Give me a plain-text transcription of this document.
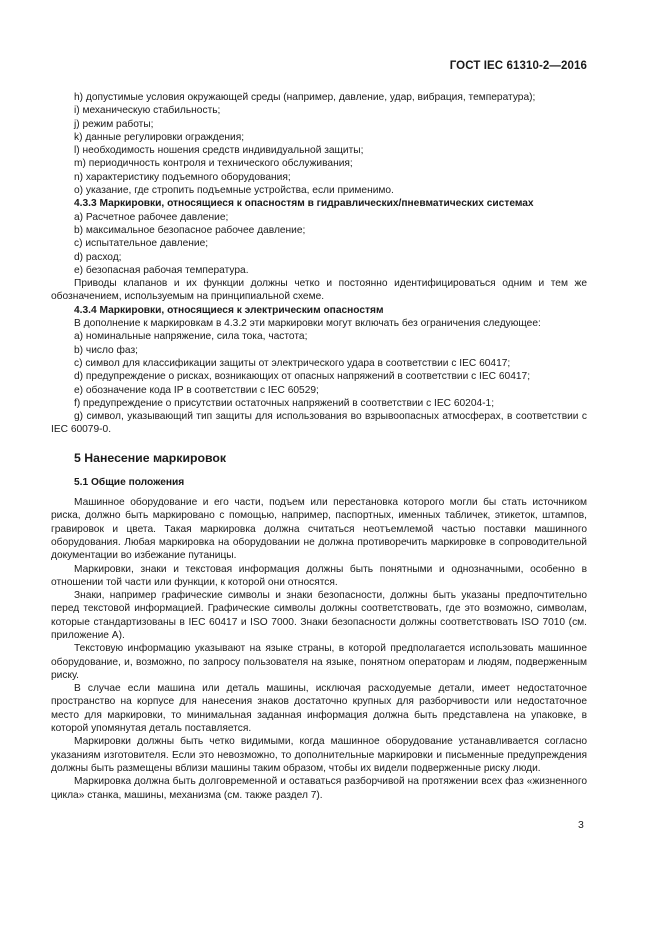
ГОСТ IEC 61310-2—2016

h) допустимые условия окружающей среды (например, давление, удар, вибрация, температура);

i) механическую стабильность;

j) режим работы;

k) данные регулировки ограждения;

l) необходимость ношения средств индивидуальной защиты;

m) периодичность контроля и технического обслуживания;

n) характеристику подъемного оборудования;

o) указание, где стропить подъемные устройства, если применимо.

4.3.3 Маркировки, относящиеся к опасностям в гидравлических/пневматических системах

a) Расчетное рабочее давление;

b) максимальное безопасное рабочее давление;

c) испытательное давление;

d) расход;

e) безопасная рабочая температура.

Приводы клапанов и их функции должны четко и постоянно идентифицироваться одним и тем же обозначением, используемым на принципиальной схеме.

4.3.4 Маркировки, относящиеся к электрическим опасностям

В дополнение к маркировкам в 4.3.2 эти маркировки могут включать без ограничения следующее:

a) номинальные напряжение, сила тока, частота;

b) число фаз;

c) символ для классификации защиты от электрического удара в соответствии с IEC 60417;

d) предупреждение о рисках, возникающих от опасных напряжений в соответствии с IEC 60417;

e) обозначение кода IP в соответствии с IEC 60529;

f) предупреждение о присутствии остаточных напряжений в соответствии с IEC 60204-1;

g) символ, указывающий тип защиты для использования во взрывоопасных атмосферах, в соответствии с IEC 60079-0.

5 Нанесение маркировок

5.1 Общие положения

Машинное оборудование и его части, подъем или перестановка которого могли бы стать источником риска, должно быть маркировано с помощью, например, паспортных, именных табличек, этикеток, штампов, гравировок и цвета. Такая маркировка должна считаться неотъемлемой частью поставки машинного оборудования. Любая маркировка на оборудовании не должна противоречить маркировке в сопроводительной документации во избежание путаницы.

Маркировки, знаки и текстовая информация должны быть понятными и однозначными, особенно в отношении той части или функции, к которой они относятся.

Знаки, например графические символы и знаки безопасности, должны быть указаны предпочтительно перед текстовой информацией. Графические символы должны соответствовать, где это возможно, символам, которые стандартизованы в IEC 60417 и ISO 7000. Знаки безопасности должны соответствовать ISO 7010 (см. приложение А).

Текстовую информацию указывают на языке страны, в которой предполагается использовать машинное оборудование, и, возможно, по запросу пользователя на языке, понятном операторам и людям, подверженным риску.

В случае если машина или деталь машины, исключая расходуемые детали, имеет недостаточное пространство на корпусе для нанесения знаков достаточно крупных для разборчивости или недостаточное место для маркировки, то минимальная заданная информация должна быть представлена на упаковке, в которой упомянутая деталь поставляется.

Маркировки должны быть четко видимыми, когда машинное оборудование устанавливается согласно указаниям изготовителя. Если это невозможно, то дополнительные маркировки и письменные предупреждения должны быть размещены вблизи машины таким образом, чтобы их видели подверженные риску люди.

Маркировка должна быть долговременной и оставаться разборчивой на протяжении всех фаз «жизненного цикла» станка, машины, механизма (см. также раздел 7).

3
